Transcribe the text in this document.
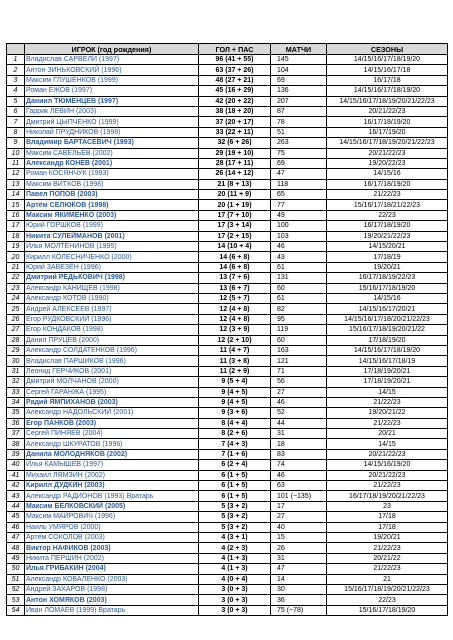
	ИГРОК (год рождения)	ГОЛ + ПАС	МАТЧИ	СЕЗОНЫ
1	Владислав САРВЕЛИ (1997)	96 (41 + 55)	145	14/15/16/17/18/19/20
2	Антон ЗИНЬКОВСКИЙ (1996)	63 (37 + 26)	104	14/15/16/17/18
3	Максим ГЛУШЕНКОВ (1999)	48 (27 + 21)	69	16/17/18
4	Роман ЕЖОВ (1997)	45 (16 + 29)	136	14/15/16/17/18/19/20
5	Даниил ТЮМЕНЦЕВ (1997)	42 (20 + 22)	207	14/15/16/17/18/19/20/21/22/23
6	Гаррик ЛЕВИН (2003)	38 (18 + 20)	87	20/21/22/23
7	Дмитрий ЦЫПЧЕНКО (1999)	37 (20 + 17)	78	16/17/18/19/20
8	Николай ПРУДНИКОВ (1998)	33 (22 + 11)	51	16/17/19/20
9	Владимир БАРТАСЕВИЧ (1993)	32 (6 + 26)	263	14/15/16/17/18/19/20/21/22/23
10	Максим САВЕЛЬЕВ (2002)	29 (19 + 10)	75	20/21/22/23
11	Александр КОНЕВ (2001)	28 (17 + 11)	69	19/20/22/23
12	Роман КОСЯНЧУК (1993)	26 (14 + 12)	47	14/15/16
13	Максим ВИТКОВ (1998)	21 (8 + 13)	118	16/17/18/19/20
14	Павел ПОПОВ (2003)	20 (11 + 9)	65	21/22/23
15	Артём СЕЛЮКОВ (1998)	20 (1 + 19)	77	15/16/17/18/21/22/23
16	Максим ЯКИМЕНКО (2003)	17 (7 + 10)	49	22/23
17	Юрий ГОРШКОВ (1999)	17 (3 + 14)	100	16/17/18/19/20
18	Никита СУЛЕЙМАНОВ (2001)	17 (2 + 15)	103	19/20/21/22/23
19	Илья МОЛТЕНИНОВ (1995)	14 (10 + 4)	46	14/15/20/21
20	Кирилл КОЛЕСНИЧЕНКО (2000)	14 (6 + 8)	43	17/18/19
21	Юрий ЗАВЕЗЁН (1996)	14 (6 + 8)	61	19/20/21
22	Дмитрий РЕДЬКОВИЧ (1998)	13 (7 + 6)	131	16/17/18/19/22/23
23	Александр КАНИЩЕВ (1998)	13 (6 + 7)	60	15/16/17/18/19/20
24	Александр КОТОВ (1990)	12 (5 + 7)	61	14/15/16
25	Андрей АЛЕКСЕЕВ (1997)	12 (4 + 8)	82	14/15/16/17/20/21
26	Егор РУДКОВСКИЙ (1996)	12 (4 + 8)	95	14/15/16/17/18/20/21/22/23
27	Егор КОНДАКОВ (1998)	12 (3 + 9)	119	15/16/17/18/19/20/21/22
28	Данил ПРУЦЕВ (2000)	12 (2 + 10)	60	17/18/19/20
29	Александр СОЛДАТЕНКОВ (1996)	11 (4 + 7)	163	14/15/16/17/18/19/20
30	Владислав ПАРШИКОВ (1996)	11 (3 + 8)	121	14/15/16/17/18/19
31	Леонид ГЕРЧИКОВ (2001)	11 (2 + 9)	71	17/18/19/20/21
32	Дмитрий МОЛЧАНОВ (2000)	9 (5 + 4)	56	17/18/19/20/21
33	Сергей ГАРАНЖА (1995)	9 (4 + 5)	27	14/15
34	Радий ЯМПИХАНОВ (2003)	9 (4 + 5)	46	21/22/23
35	Александр НАДОЛЬСКИЙ (2001)	9 (3 + 6)	52	19/20/21/22
36	Егор ПАНКОВ (2003)	8 (4 + 4)	44	21/22/23
37	Сергей ПИНЯЕВ (2004)	8 (2 + 6)	31	20/21
38	Александр ШКУРАТОВ (1996)	7 (4 + 3)	18	14/15
39	Данила МОЛОДНЯКОВ (2002)	7 (1 + 6)	83	20/21/22/23
40	Илья КАМЫШЕВ (1997)	6 (2 + 4)	74	14/15/16/19/20
41	Михаил ЛЯМЗИН (2002)	6 (1 + 5)	46	20/21/22/23
42	Кирилл ДУДКИН (2003)	6 (1 + 5)	63	21/22/23
43	Александр РАДИОНОВ (1993) Вратарь	6 (1 + 5)	101 (−135)	16/17/18/19/20/21/22/23
44	Максим БЕЛКОВСКИЙ (2005)	5 (3 + 2)	17	23
45	Максим МАЙРОВИЧ (1996)	5 (3 + 2)	27	17/18
46	Наиль УМЯРОВ (2000)	5 (3 + 2)	40	17/18
47	Артём СОКОЛОВ (2003)	4 (3 + 1)	15	19/20/21
48	Виктор НАФИКОВ (2003)	4 (2 + 3)	26	21/22/23
49	Никита ПЕРШИН (2002)	4 (1 + 3)	31	20/21/22
50	Илья ГРИБАКИН (2004)	4 (1 + 3)	47	21/22/23
51	Александр КОВАЛЕНКО (2003)	4 (0 + 4)	14	21
52	Андрей ЗАХАРОВ (1998)	3 (0 + 3)	30	15/16/17/18/19/20/21/22/23
53	Антон ХОМЯКОВ (2003)	3 (0 + 3)	36	22/23
54	Иван ЛОМАЕВ (1999) Вратарь	3 (0 + 3)	75 (−78)	15/16/17/18/19/20
